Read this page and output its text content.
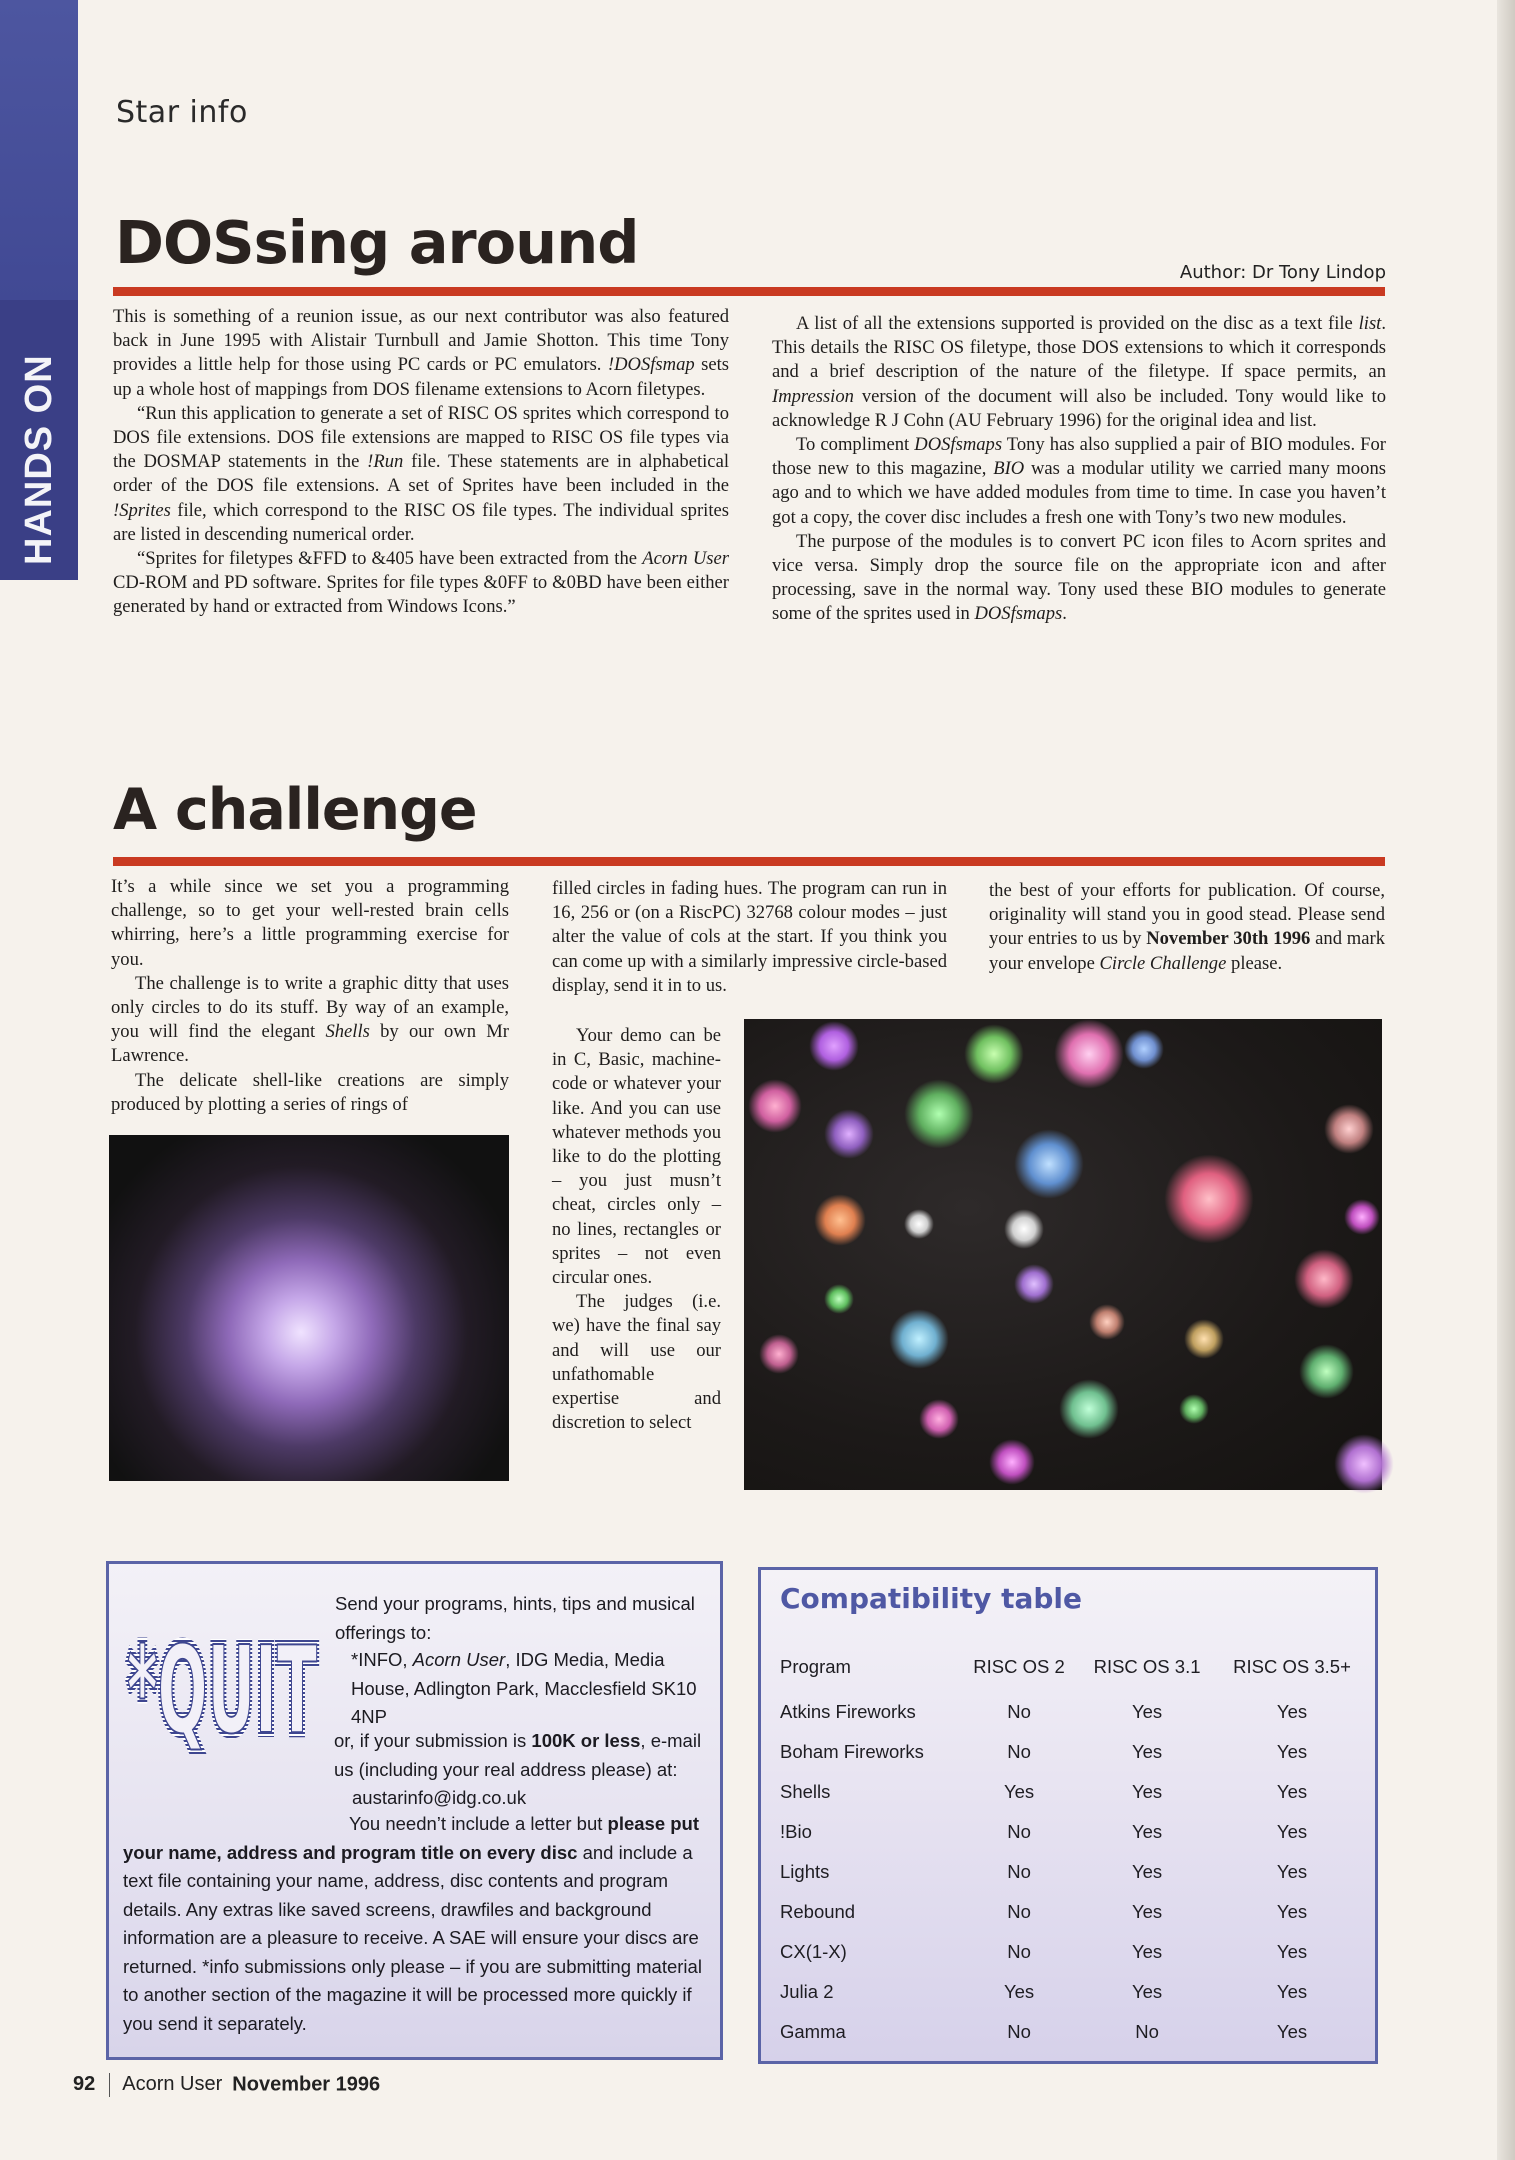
HANDS ON
Star info
DOSsing around	Author: Dr Tony Lindop

This is something of a reunion issue, as our next contributor was also featured back in June 1995 with Alistair Turnbull and Jamie Shotton. This time Tony provides a little help for those using PC cards or PC emulators. !DOSfsmap sets up a whole host of mappings from DOS filename extensions to Acorn filetypes.

“Run this application to generate a set of RISC OS sprites which correspond to DOS file extensions. DOS file extensions are mapped to RISC OS file types via the DOSMAP statements in the !Run file. These statements are in alphabetical order of the DOS file extensions. A set of Sprites have been included in the !Sprites file, which correspond to the RISC OS file types. The individual sprites are listed in descending numerical order.

“Sprites for filetypes &FFD to &405 have been extracted from the Acorn User CD-ROM and PD software. Sprites for file types &0FF to &0BD have been either generated by hand or extracted from Windows Icons.”

A list of all the extensions supported is provided on the disc as a text file list. This details the RISC OS filetype, those DOS extensions to which it corresponds and a brief description of the nature of the filetype. If space permits, an Impression version of the document will also be included. Tony would like to acknowledge R J Cohn (AU February 1996) for the original idea and list.

To compliment DOSfsmaps Tony has also supplied a pair of BIO modules. For those new to this magazine, BIO was a modular utility we carried many moons ago and to which we have added modules from time to time. In case you haven’t got a copy, the cover disc includes a fresh one with Tony’s two new modules.

The purpose of the modules is to convert PC icon files to Acorn sprites and vice versa. Simply drop the source file on the appropriate icon and after processing, save in the normal way. Tony used these BIO modules to generate some of the sprites used in DOSfsmaps.

A challenge

It’s a while since we set you a programming challenge, so to get your well-rested brain cells whirring, here’s a little programming exercise for you.

The challenge is to write a graphic ditty that uses only circles to do its stuff. By way of an example, you will find the elegant Shells by our own Mr Lawrence.

The delicate shell-like creations are simply produced by plotting a series of rings of

filled circles in fading hues. The program can run in 16, 256 or (on a RiscPC) 32768 colour modes – just alter the value of cols at the start. If you think you can come up with a similarly impressive circle-based display, send it in to us.

Your demo can be in C, Basic, machine-code or whatever your like. And you can use whatever methods you like to do the plotting – you just musn’t cheat, circles only – no lines, rectangles or sprites – not even circular ones.

The judges (i.e. we) have the final say and will use our unfathomable expertise and discretion to select

the best of your efforts for publication. Of course, originality will stand you in good stead. Please send your entries to us by November 30th 1996 and mark your envelope Circle Challenge please.

*QUIT
*QUIT
Send your programs, hints, tips and musical offerings to:
*INFO, Acorn User, IDG Media, Media House, Adlington Park, Macclesfield SK10 4NP
or, if your submission is 100K or less, e-mail us (including your real address please) at:
austarinfo@idg.co.uk
You needn’t include a letter but please put your name, address and program title on every disc and include a text file containing your name, address, disc contents and program details. Any extras like saved screens, drawfiles and background information are a pleasure to receive. A SAE will ensure your discs are returned. *info submissions only please – if you are submitting material to another section of the magazine it will be processed more quickly if you send it separately.
Compatibility table
Program	RISC OS 2	RISC OS 3.1	RISC OS 3.5+
Atkins Fireworks	No	Yes	Yes
Boham Fireworks	No	Yes	Yes
Shells	Yes	Yes	Yes
!Bio	No	Yes	Yes
Lights	No	Yes	Yes
Rebound	No	Yes	Yes
CX(1-X)	No	Yes	Yes
Julia 2	Yes	Yes	Yes
Gamma	No	No	Yes
92 Acorn User November 1996
